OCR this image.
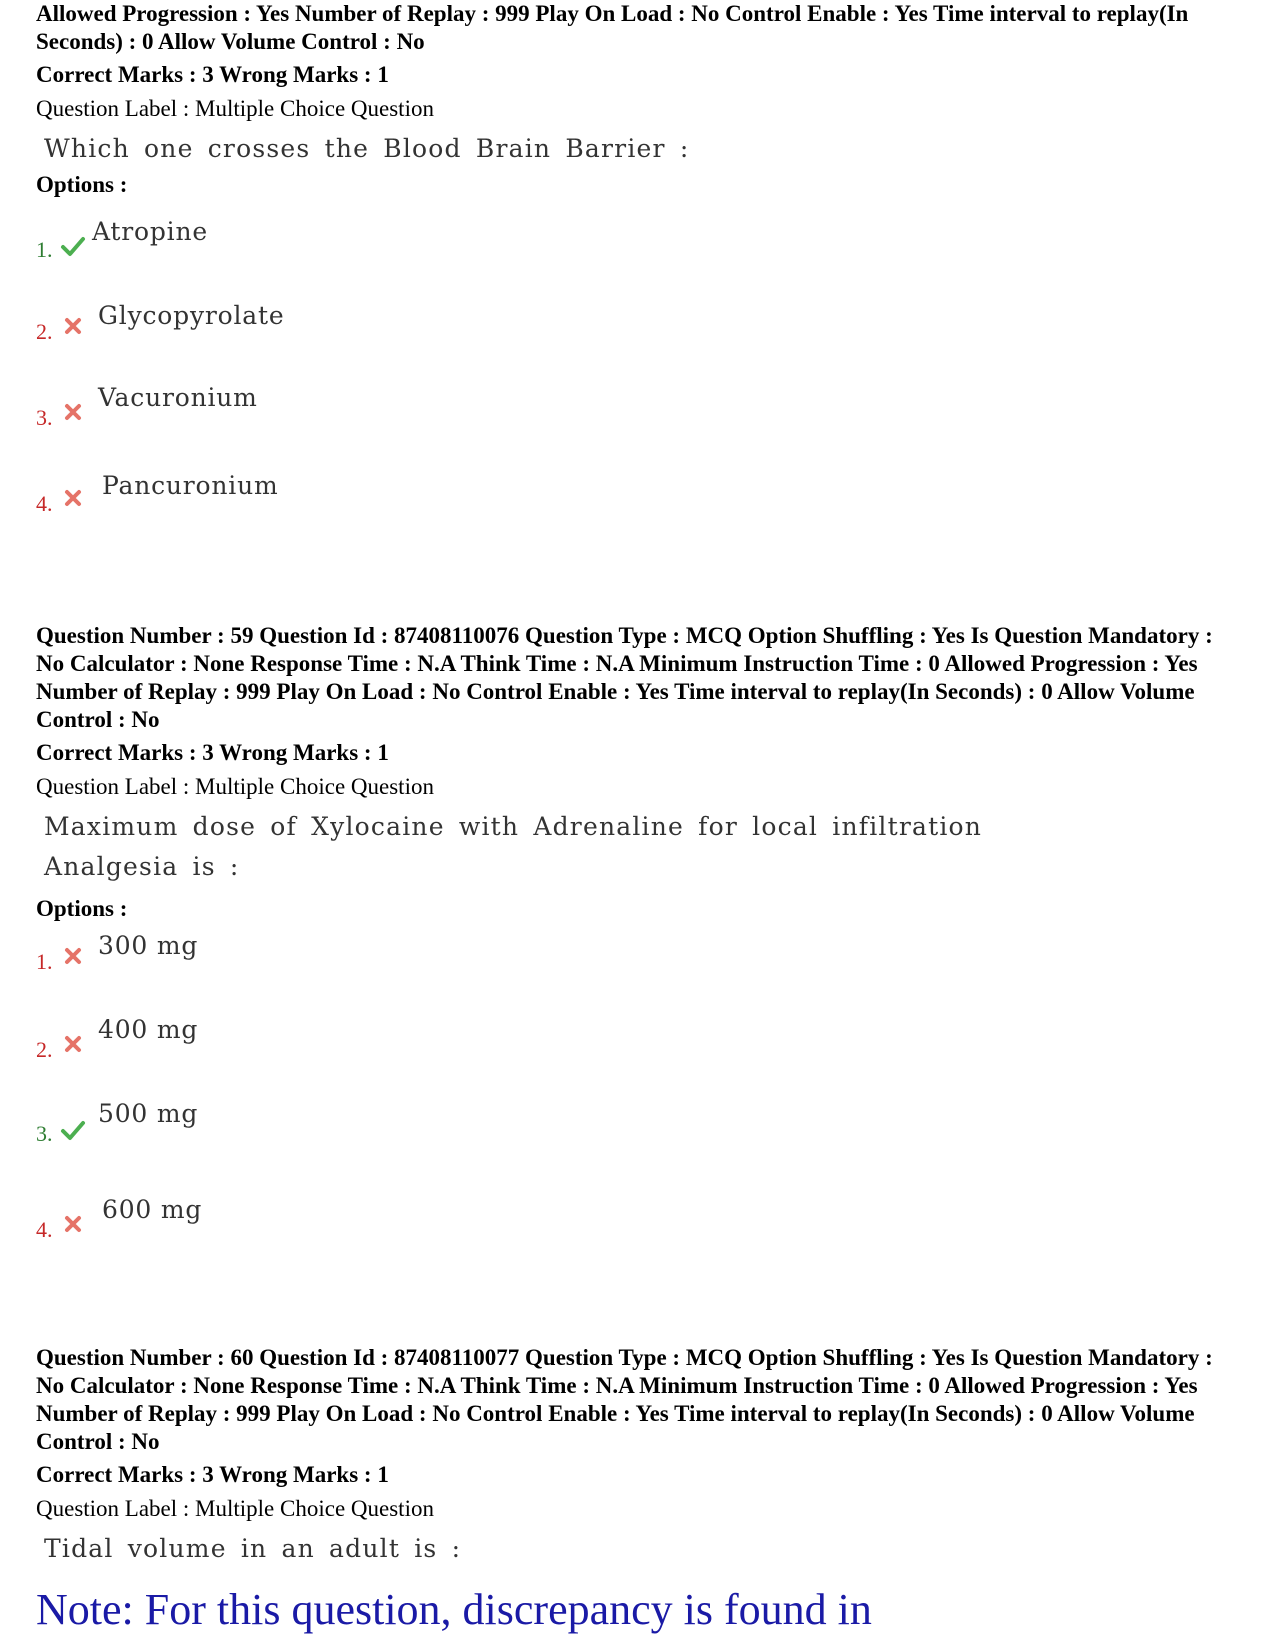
Allowed Progression : Yes Number of Replay : 999 Play On Load : No Control Enable : Yes Time interval to replay(In Seconds) : 0 Allow Volume Control : No

Correct Marks : 3 Wrong Marks : 1

Question Label : Multiple Choice Question

Which one crosses the Blood Brain Barrier :

Options :

1.
Atropine
2.
Glycopyrolate
3.
Vacuronium
4.
Pancuronium

Question Number : 59 Question Id : 87408110076 Question Type : MCQ Option Shuffling : Yes Is Question Mandatory : No Calculator : None Response Time : N.A Think Time : N.A Minimum Instruction Time : 0 Allowed Progression : Yes Number of Replay : 999 Play On Load : No Control Enable : Yes Time interval to replay(In Seconds) : 0 Allow Volume Control : No

Correct Marks : 3 Wrong Marks : 1

Question Label : Multiple Choice Question

Maximum dose of Xylocaine with Adrenaline for local infiltration Analgesia is :

Options :

1.
300 mg
2.
400 mg
3.
500 mg
4.
600 mg

Question Number : 60 Question Id : 87408110077 Question Type : MCQ Option Shuffling : Yes Is Question Mandatory : No Calculator : None Response Time : N.A Think Time : N.A Minimum Instruction Time : 0 Allowed Progression : Yes Number of Replay : 999 Play On Load : No Control Enable : Yes Time interval to replay(In Seconds) : 0 Allow Volume Control : No

Correct Marks : 3 Wrong Marks : 1

Question Label : Multiple Choice Question

Tidal volume in an adult is :

Note: For this question, discrepancy is found in
